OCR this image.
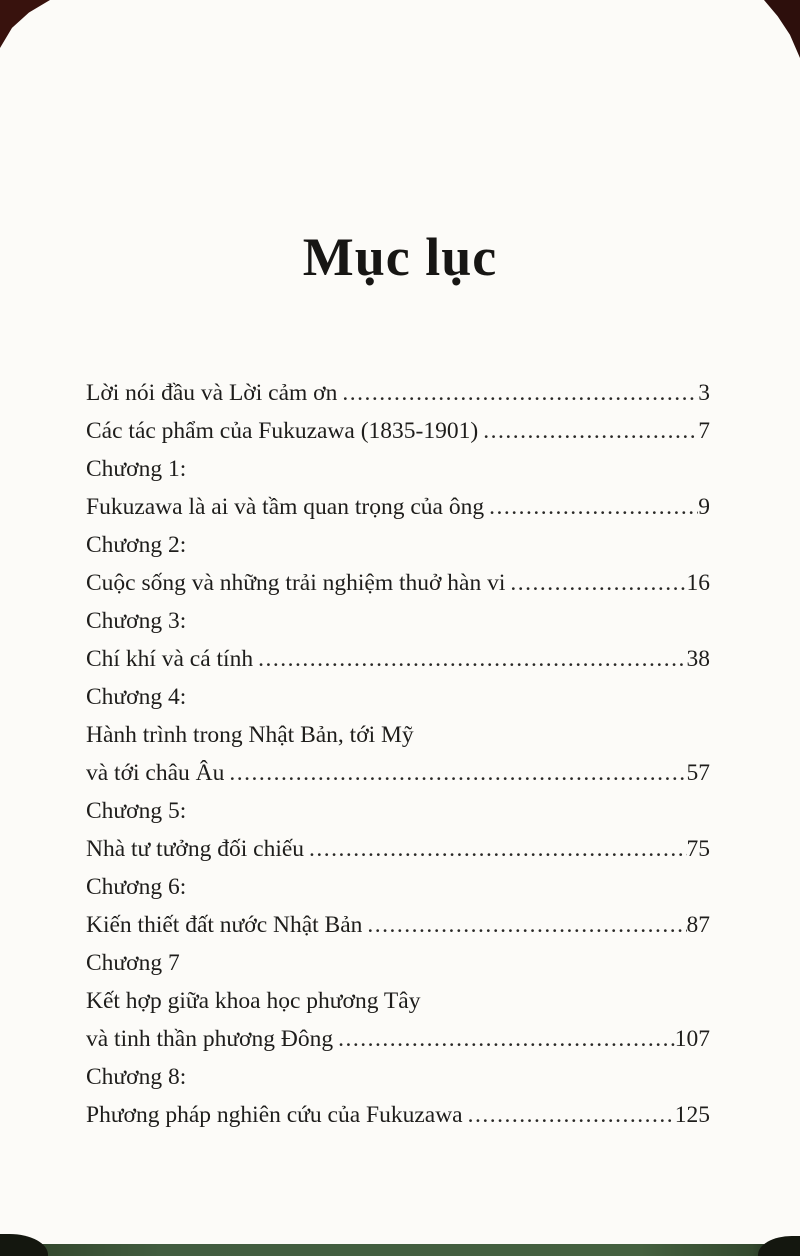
Mục lục
Lời nói đầu và Lời cảm ơn .....	3
Các tác phẩm của Fukuzawa (1835-1901) .....	7
Chương 1:
Fukuzawa là ai và tầm quan trọng của ông .....	9
Chương 2:
Cuộc sống và những trải nghiệm thuở hàn vi .....	16
Chương 3:
Chí khí và cá tính .....	38
Chương 4:
Hành trình trong Nhật Bản, tới Mỹ
và tới châu Âu .....	57
Chương 5:
Nhà tư tưởng đối chiếu .....	75
Chương 6:
Kiến thiết đất nước Nhật Bản .....	87
Chương 7
Kết hợp giữa khoa học phương Tây
và tinh thần phương Đông .....	107
Chương 8:
Phương pháp nghiên cứu của Fukuzawa .....	125
